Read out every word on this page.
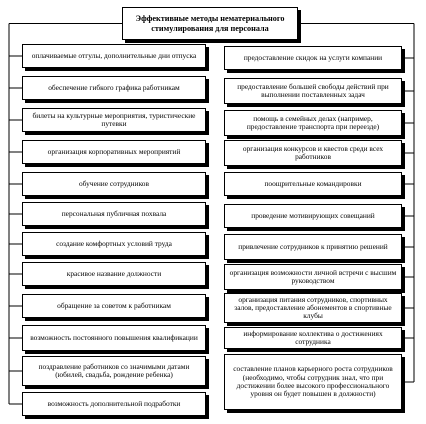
Эффективные методы нематериального стимулирования для персонала
оплачиваемые отгулы, дополнительные дни отпуска
обеспечение гибкого графика работникам
билеты на культурные мероприятия, туристические путевки
организация корпоративных мероприятий
обучение сотрудников
персональная публичная похвала
создание комфортных условий труда
красивое название должности
обращение за советом к работникам
возможность постоянного повышения квалификации
поздравление работников со значимыми датами (юбилей, свадьба, рождение ребенка)
возможность дополнительной подработки
предоставление скидок на услуги компании
предоставление большей свободы действий при выполнении поставленных задач
помощь в семейных делах (например, предоставление транспорта при переезде)
организация конкурсов и квестов среди всех работников
поощрительные командировки
проведение мотивирующих совещаний
привлечение сотрудников к принятию решений
организация возможности личной встречи с высшим руководством
организация питания сотрудников, спортивных залов, предоставление абонементов в спортивные клубы
информирование коллектива о достижениях сотрудника
составление планов карьерного роста сотрудников (необходимо, чтобы сотрудник знал, что при достижении более высокого профессионального уровня он будет повышен в должности)
